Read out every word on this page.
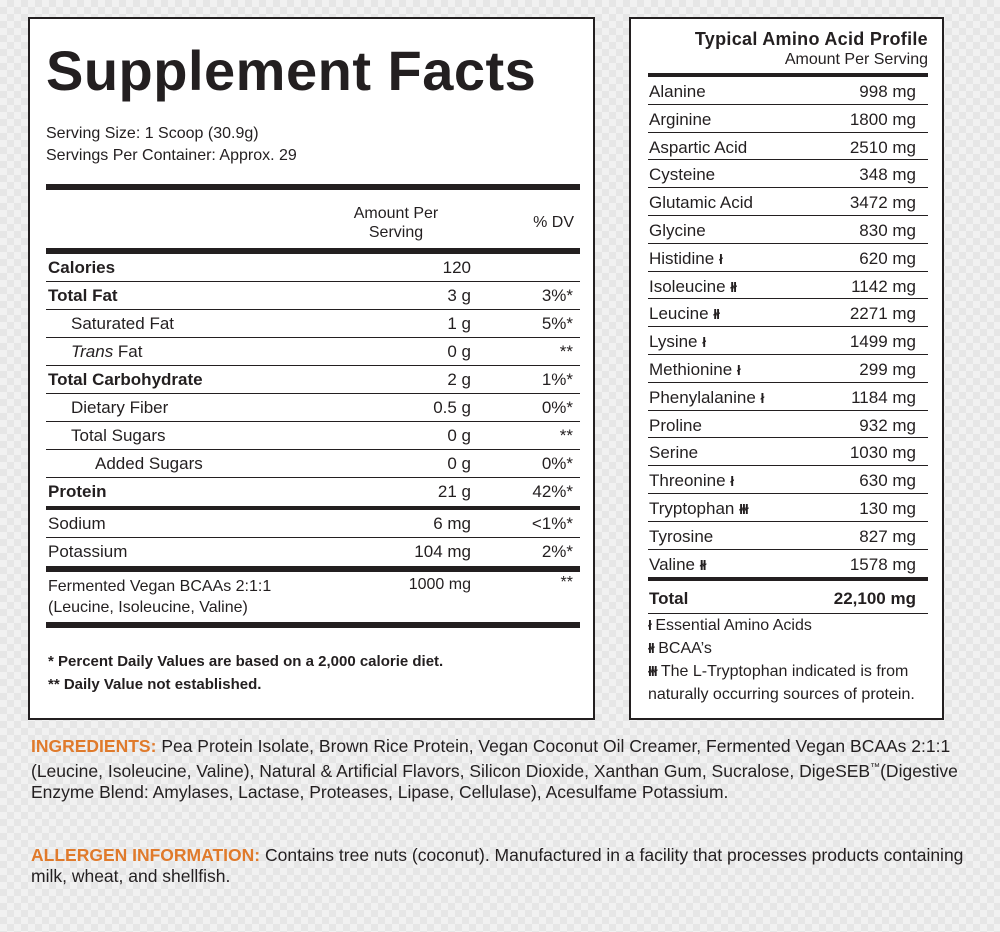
Supplement Facts
Serving Size: 1 Scoop (30.9g)
Servings Per Container: Approx. 29
Amount Per Serving
% DV
Calories	120
Total Fat	3 g	3%*
Saturated Fat	1 g	5%*
Trans Fat	0 g	**
Total Carbohydrate	2 g	1%*
Dietary Fiber	0.5 g	0%*
Total Sugars	0 g	**
Added Sugars	0 g	0%*
Protein	21 g	42%*
Sodium	6 mg	<1%*
Potassium	104 mg	2%*
Fermented Vegan BCAAs 2:1:1
(Leucine, Isoleucine, Valine)
1000 mg	**
* Percent Daily Values are based on a 2,000 calorie diet.
** Daily Value not established.
Typical Amino Acid Profile
Amount Per Serving
Alanine	998 mg
Arginine	1800 mg
Aspartic Acid	2510 mg
Cysteine	348 mg
Glutamic Acid	3472 mg
Glycine	830 mg
Histidine ł	620 mg
Isoleucine łł	1142 mg
Leucine łł	2271 mg
Lysine ł	1499 mg
Methionine ł	299 mg
Phenylalanine ł	1184 mg
Proline	932 mg
Serine	1030 mg
Threonine ł	630 mg
Tryptophan łłł	130 mg
Tyrosine	827 mg
Valine łł	1578 mg
Total	22,100 mg
ł Essential Amino Acids
łł BCAA’s
łłł The L-Tryptophan indicated is from
naturally occurring sources of protein.
INGREDIENTS: Pea Protein Isolate, Brown Rice Protein, Vegan Coconut Oil Creamer, Fermented Vegan BCAAs 2:1:1 (Leucine, Isoleucine, Valine), Natural & Artificial Flavors, Silicon Dioxide, Xanthan Gum, Sucralose, DigeSEB™(Digestive Enzyme Blend: Amylases, Lactase, Proteases, Lipase, Cellulase), Acesulfame Potassium.
ALLERGEN INFORMATION: Contains tree nuts (coconut). Manufactured in a facility that processes products containing milk, wheat, and shellfish.
